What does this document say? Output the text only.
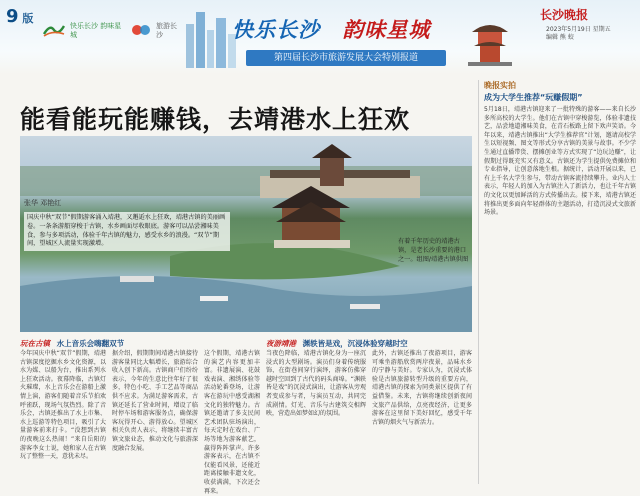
9 版
快乐长沙 韵味星城
旅游长沙	快乐长沙 韵味星城
第四届长沙市旅游发展大会特别报道
长沙晚报
2023年5月19日 星期五
编辑 熊 蛟
能看能玩能赚钱，去靖港水上狂欢
张华 邓艳红
国庆中秋“双节”假期游客涌入靖港，又邂逅水上狂欢，靖港古镇的美丽画卷。一条条游船穿梭于古镇，水乡画面尽收眼底。游客可以品尝湘味美食，参与多项活动，体验千年古镇的魅力，感受水乡的浪漫。“双节”期间，望城区人流量实现激增。	有着千年历史的靖港古镇，是老长沙重要的港口之一。组图/靖港古镇供图
晚报实拍
成为大学生推荐“玩赚假期”
5月18日，靖港古镇迎来了一批特殊的游客——来自长沙多所高校的大学生。他们在古镇中穿梭游览，体验非遗技艺，品尝地道湘味美食，在青石板路上留下欢声笑语。今年以来，靖港古镇推出“大学生推荐官”计划，邀请高校学生以短视频、图文等形式分享古镇的美景与故事。不少学生通过直播带货、摆摊创业等方式实现了“边玩边赚”，让假期过得既充实又有意义。古镇还为学生提供免费摊位和专业指导，让创意落地生根。据统计，活动开展以来，已有上千名大学生参与，带动古镇客流持续攀升。业内人士表示，年轻人的加入为古镇注入了新活力，也让千年古镇的文化以更加鲜活的方式传播出去。接下来，靖港古镇还将推出更多面向年轻群体的主题活动，打造沉浸式文旅新场景。
玩在古镇 水上音乐会嗨翻双节	夜游靖港 渊轶皆是戏，沉浸体验穿越时空
今年国庆中秋“双节”假期，靖港古镇深度挖掘水乡文化资源，以水为媒、以船为台，推出系列水上狂欢活动。夜幕降临，古镇灯火璀璨，水上音乐会在游船上激情上演，游客们随着音乐节拍欢呼雀跃，现场气氛热烈。除了音乐会，古镇还推出了水上市集、水上巡游等特色项目，吸引了大量游客前来打卡。“没想到古镇的夜晚这么热闹！”来自岳阳的游客李女士说，她和家人在古镇玩了整整一天，意犹未尽。
据介绍，假期期间靖港古镇接待游客量同比大幅增长，旅游综合收入创下新高。古镇商户们纷纷表示，今年的生意比往年好了很多，特色小吃、手工艺品等商品供不应求。为满足游客需求，古镇还延长了营业时间，增设了临时停车场和游客服务点，确保游客玩得开心、游得放心。望城区相关负责人表示，将继续丰富古镇文旅业态，推动文化与旅游深度融合发展。
这个假期，靖港古镇的演艺内容更加丰富。非遗展演、花鼓戏表演、湘绣体验等活动轮番登场，让游客在游玩中感受湖湘文化的独特魅力。古镇还邀请了多支民间艺术团队驻场演出，每天定时在戏台、广场等地为游客献艺，赢得阵阵掌声。许多游客表示，在古镇不仅能看风景，还能近距离接触非遗文化，收获满满，下次还会再来。
当夜色降临，靖港古镇化身为一座沉浸式的大型剧场。演员们身着传统服饰，在街巷间穿行演绎，游客仿佛穿越时空回到了古代的码头商埠。“渊轶皆是戏”的沉浸式演出，让游客从旁观者变成参与者，与演员互动，共同完成剧情。灯光、音乐与古建筑交相辉映，营造出如梦如幻的氛围。
此外，古镇还推出了夜游项目，游客可乘坐游船欣赏两岸夜景，品味水乡的宁静与美好。专家认为，沉浸式体验是古镇旅游转型升级的重要方向，靖港古镇的探索为同类景区提供了有益借鉴。未来，古镇将继续创新夜间文旅产品供给，点亮夜经济，让更多游客在这里留下美好回忆，感受千年古镇的烟火气与新活力。
